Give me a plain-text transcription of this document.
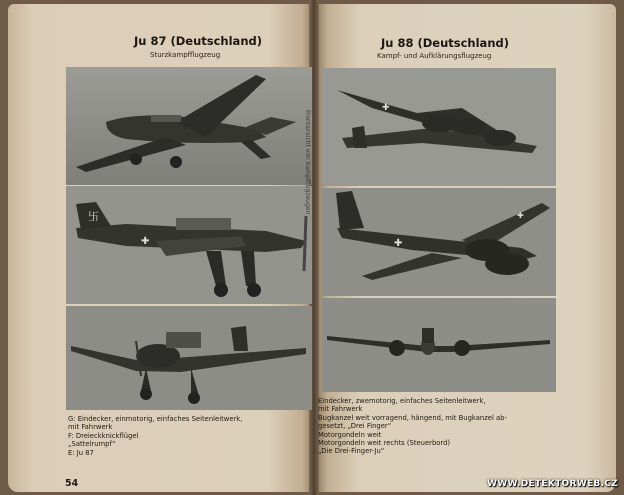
Ju 87 (Deutschland)
Sturzkampfflugzeug
卐
✚
G: Eindecker, einmotorig, einfaches Seitenleitwerk,
mit Fahrwerk
F: Dreieckknickflügel
„Sattelrumpf“
E: Ju 87
54
Frontansicht von Kampfflugzeugen
Ju 88 (Deutschland)
Kampf- und Aufklärungsflugzeug
✚
✚
✚
Eindecker, zwemotorig, einfaches Seitenleitwerk,
mit Fahrwerk
Bugkanzel weit vorragend, hängend, mit Bugkanzel ab-
gesetzt, „Drei Finger“
Motorgondeln weit
Motorgondeln weit rechts (Steuerbord)
„Die Drei-Finger-Ju“
WWW.DETEKTORWEB.CZ
